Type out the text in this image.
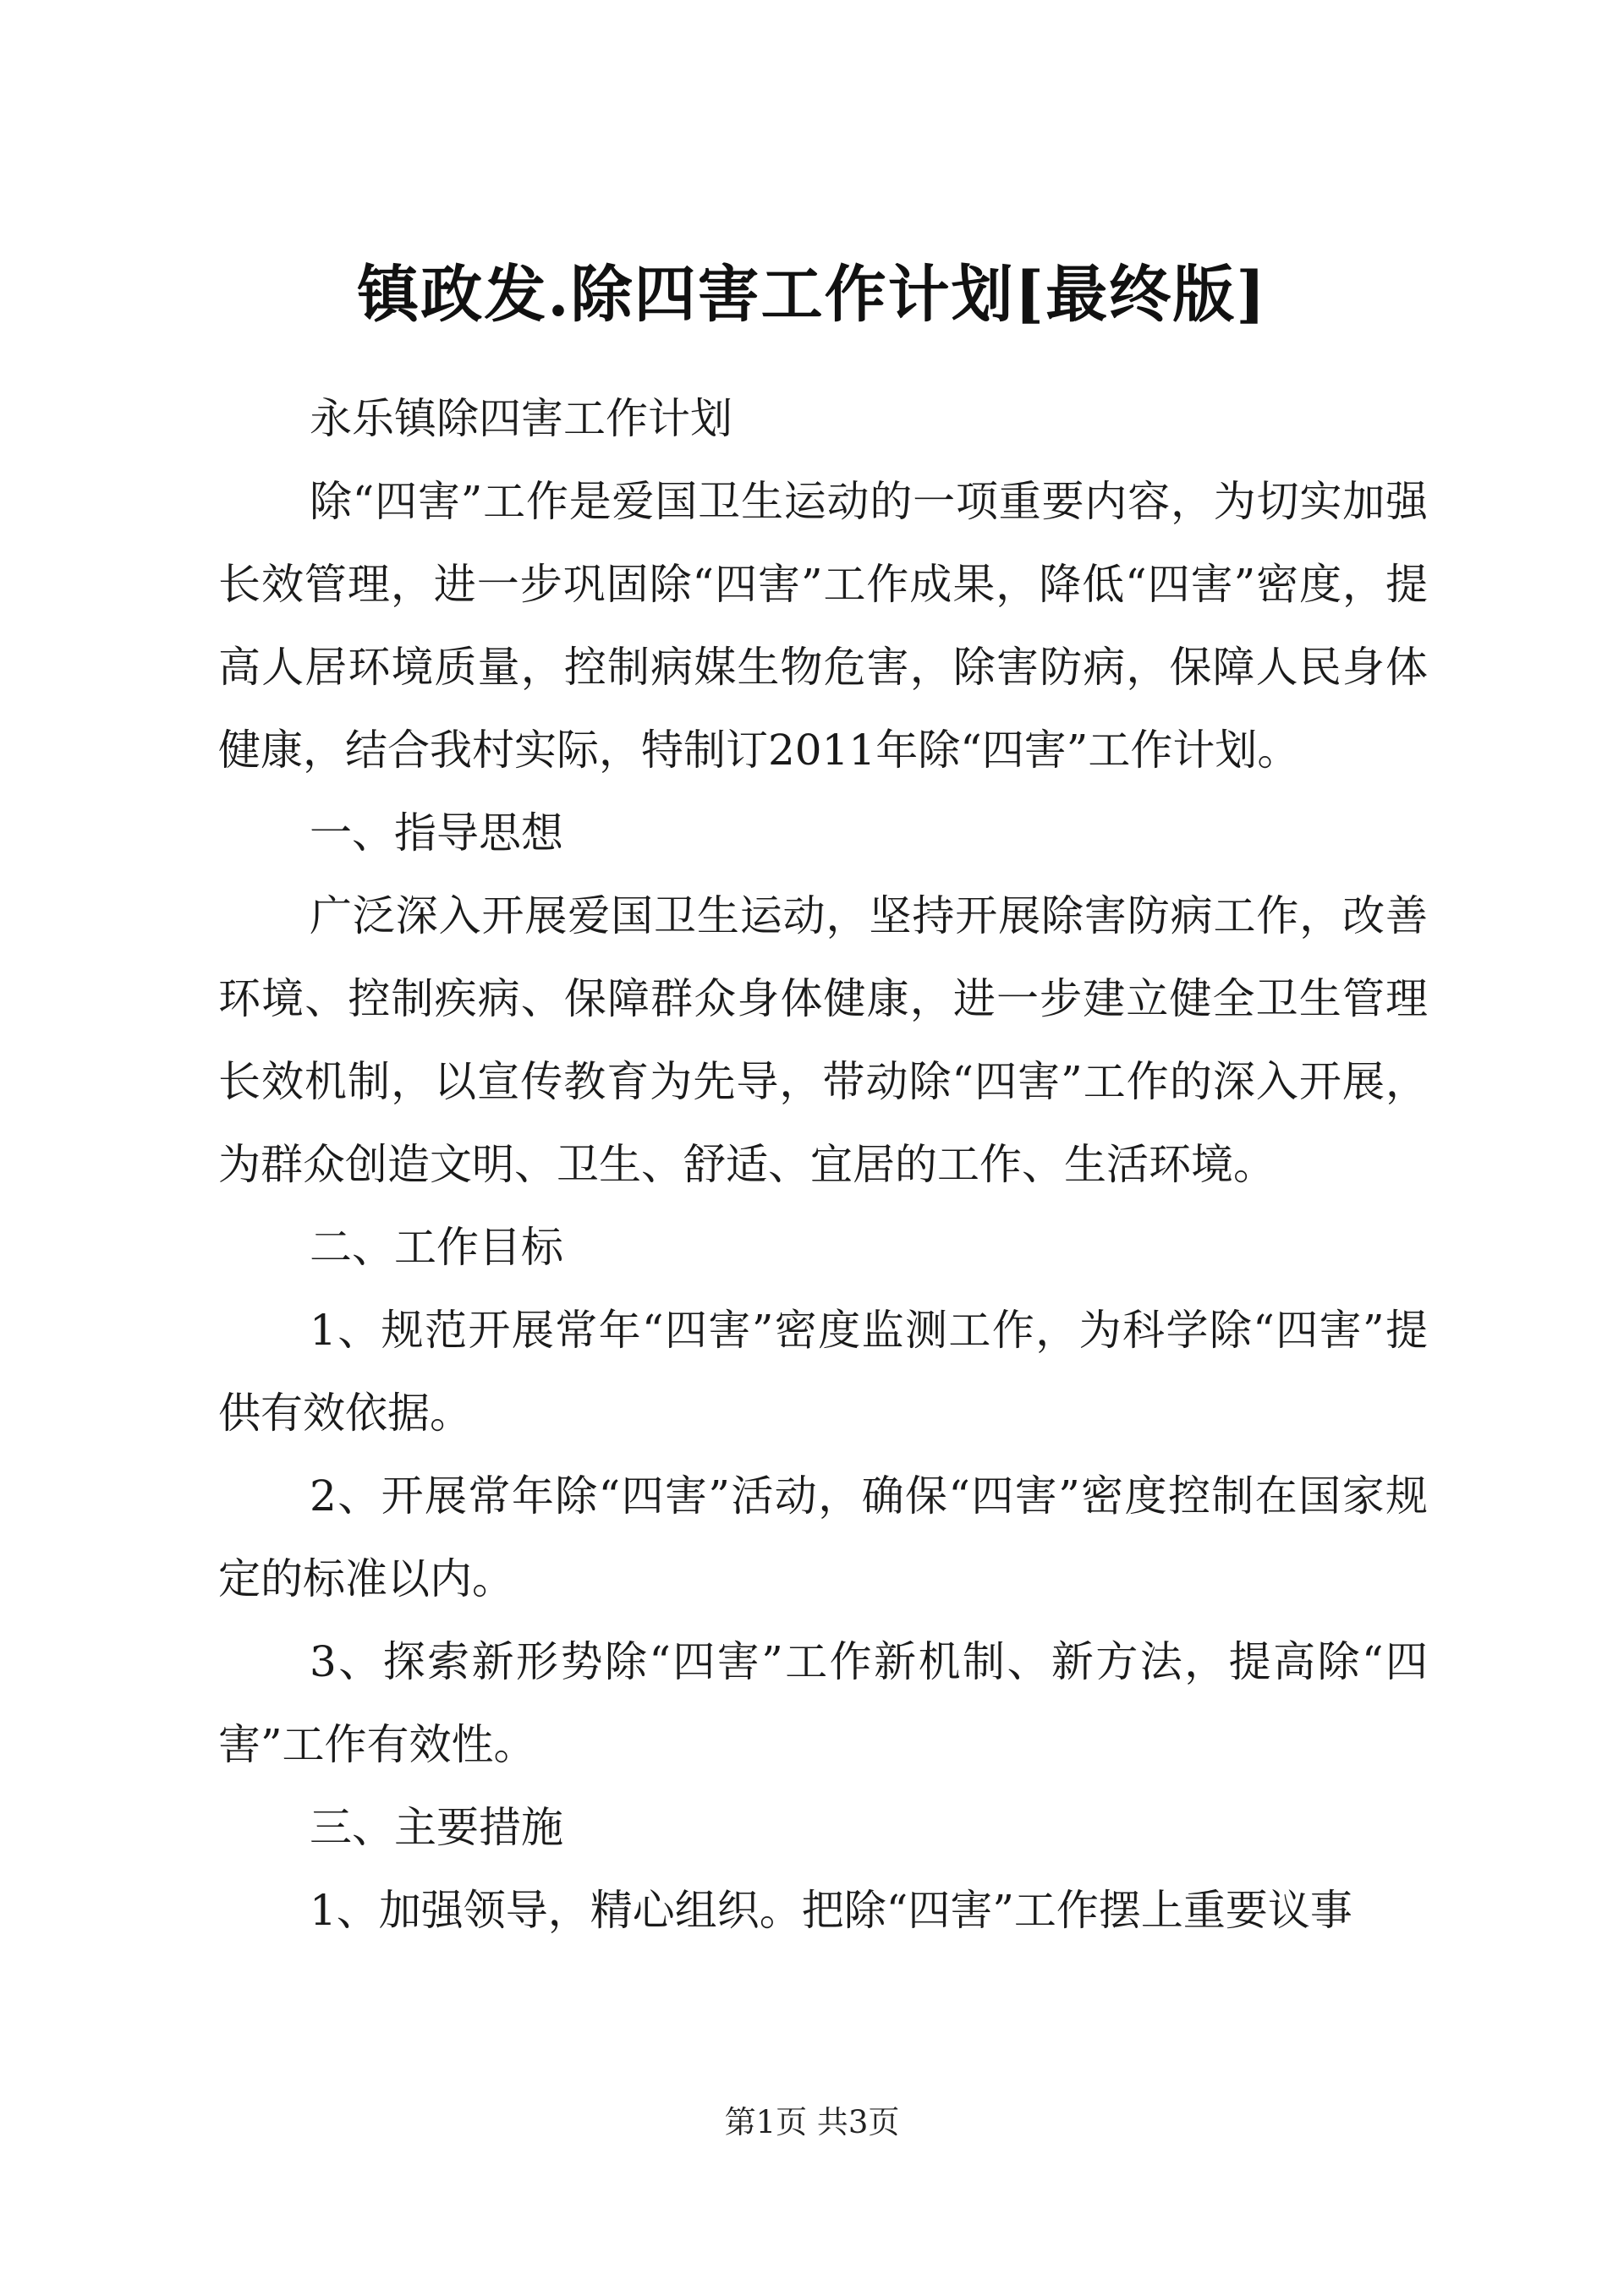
镇政发.除四害工作计划[最终版]

永乐镇除四害工作计划

除“四害”工作是爱国卫生运动的一项重要内容，为切实加强长效管理，进一步巩固除“四害”工作成果，降低“四害”密度，提高人居环境质量，控制病媒生物危害，除害防病，保障人民身体健康，结合我村实际，特制订2011年除“四害”工作计划。

一、指导思想

广泛深入开展爱国卫生运动，坚持开展除害防病工作，改善环境、控制疾病、保障群众身体健康，进一步建立健全卫生管理长效机制，以宣传教育为先导，带动除“四害”工作的深入开展，为群众创造文明、卫生、舒适、宜居的工作、生活环境。

二、工作目标

1、规范开展常年“四害”密度监测工作，为科学除“四害”提供有效依据。

2、开展常年除“四害”活动，确保“四害”密度控制在国家规定的标准以内。

3、探索新形势除“四害”工作新机制、新方法，提高除“四害”工作有效性。

三、主要措施

1、加强领导，精心组织。把除“四害”工作摆上重要议事

第1页 共3页
